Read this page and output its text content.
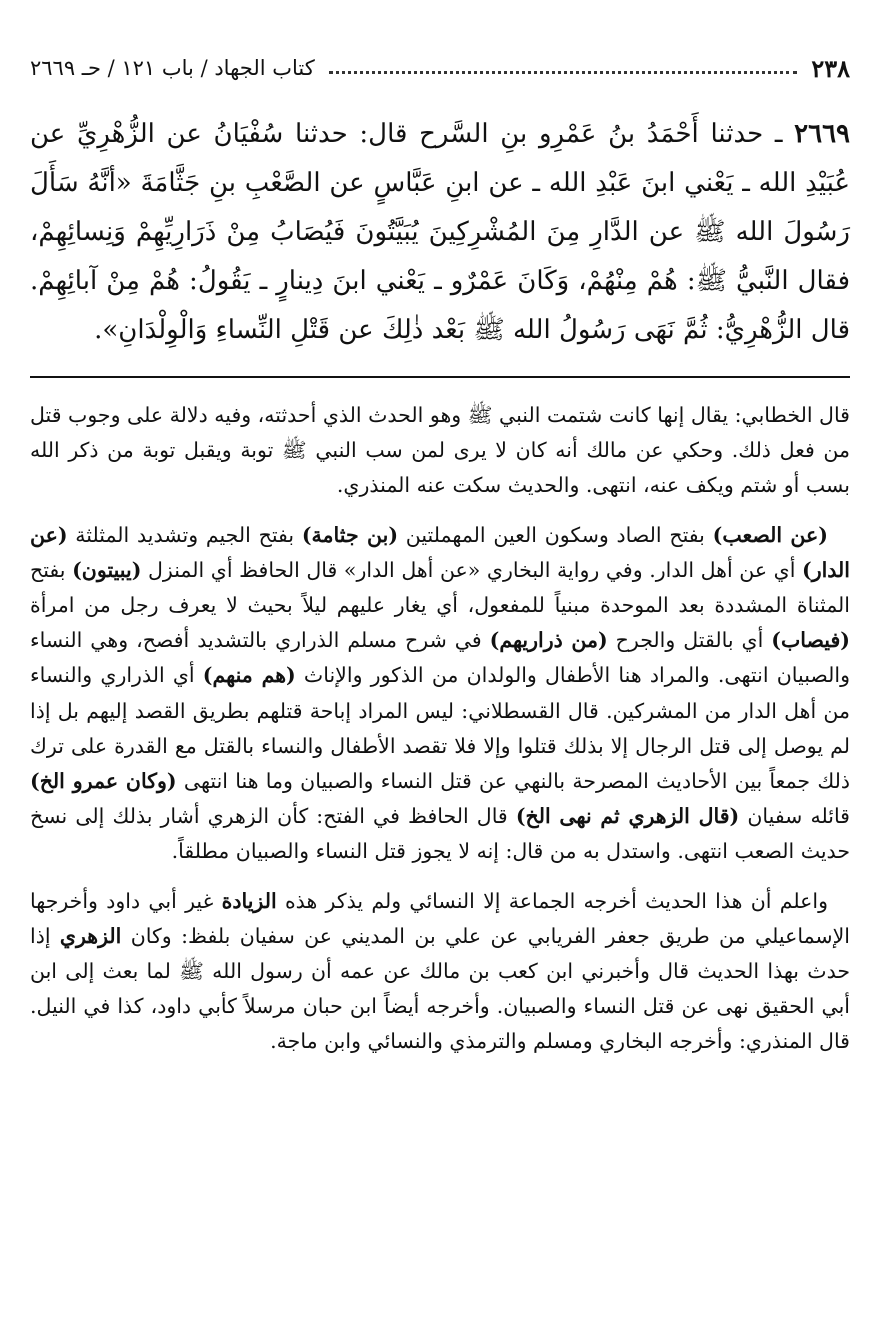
٢٣٨
كتاب الجهاد / باب ١٢١ / حـ ٢٦٦٩
٢٦٦٩ ـ حدثنا أَحْمَدُ بنُ عَمْرِو بنِ السَّرح قال: حدثنا سُفْيَانُ عن الزُّهْرِيِّ عن عُبَيْدِ الله ـ يَعْني ابنَ عَبْدِ الله ـ عن ابنِ عَبَّاسٍ عن الصَّعْبِ بنِ جَثَّامَةَ «أنَّهُ سَأَلَ رَسُولَ الله ﷺ عن الدَّارِ مِنَ المُشْرِكِينَ يُبَيَّتُونَ فَيُصَابُ مِنْ ذَرَارِيِّهِمْ وَنِسائِهِمْ، فقال النَّبيُّ ﷺ: هُمْ مِنْهُمْ، وَكَانَ عَمْرٌو ـ يَعْني ابنَ دِينارٍ ـ يَقُولُ: هُمْ مِنْ آبائِهِمْ. قال الزُّهْرِيُّ: ثُمَّ نَهَى رَسُولُ الله ﷺ بَعْد ذٰلِكَ عن قَتْلِ النِّساءِ وَالْوِلْدَانِ».

قال الخطابي: يقال إنها كانت شتمت النبي ﷺ وهو الحدث الذي أحدثته، وفيه دلالة على وجوب قتل من فعل ذلك. وحكي عن مالك أنه كان لا يرى لمن سب النبي ﷺ توبة ويقبل توبة من ذكر الله بسب أو شتم ويكف عنه، انتهى. والحديث سكت عنه المنذري.

(عن الصعب) بفتح الصاد وسكون العين المهملتين (بن جثامة) بفتح الجيم وتشديد المثلثة (عن الدار) أي عن أهل الدار. وفي رواية البخاري «عن أهل الدار» قال الحافظ أي المنزل (يبيتون) بفتح المثناة المشددة بعد الموحدة مبنياً للمفعول، أي يغار عليهم ليلاً بحيث لا يعرف رجل من امرأة (فيصاب) أي بالقتل والجرح (من ذراريهم) في شرح مسلم الذراري بالتشديد أفصح، وهي النساء والصبيان انتهى. والمراد هنا الأطفال والولدان من الذكور والإناث (هم منهم) أي الذراري والنساء من أهل الدار من المشركين. قال القسطلاني: ليس المراد إباحة قتلهم بطريق القصد إليهم بل إذا لم يوصل إلى قتل الرجال إلا بذلك قتلوا وإلا فلا تقصد الأطفال والنساء بالقتل مع القدرة على ترك ذلك جمعاً بين الأحاديث المصرحة بالنهي عن قتل النساء والصبيان وما هنا انتهى (وكان عمرو الخ) قائله سفيان (قال الزهري ثم نهى الخ) قال الحافظ في الفتح: كأن الزهري أشار بذلك إلى نسخ حديث الصعب انتهى. واستدل به من قال: إنه لا يجوز قتل النساء والصبيان مطلقاً.

واعلم أن هذا الحديث أخرجه الجماعة إلا النسائي ولم يذكر هذه الزيادة غير أبي داود وأخرجها الإسماعيلي من طريق جعفر الفريابي عن علي بن المديني عن سفيان بلفظ: وكان الزهري إذا حدث بهذا الحديث قال وأخبرني ابن كعب بن مالك عن عمه أن رسول الله ﷺ لما بعث إلى ابن أبي الحقيق نهى عن قتل النساء والصبيان. وأخرجه أيضاً ابن حبان مرسلاً كأبي داود، كذا في النيل. قال المنذري: وأخرجه البخاري ومسلم والترمذي والنسائي وابن ماجة.
